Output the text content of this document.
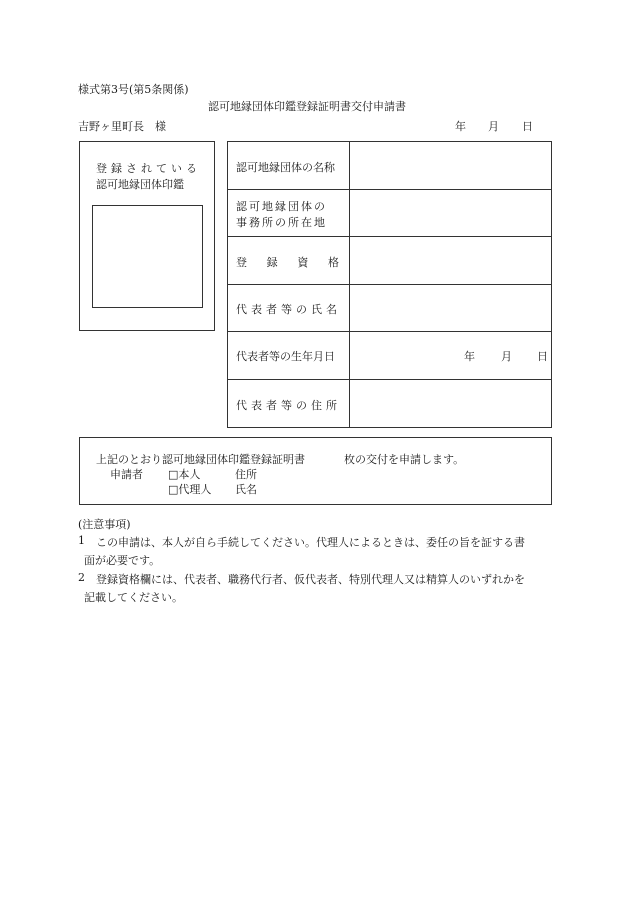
様式第3号(第5条関係)
認可地縁団体印鑑登録証明書交付申請書
吉野ヶ里町長　様	年 月 日
登録されている
認可地縁団体印鑑
認可地縁団体の名称
認可地縁団体の
事務所の所在地
登 録 資 格
代表者等の氏名
代表者等の生年月日	年 月 日
代表者等の住所
上記のとおり認可地縁団体印鑑登録証明書	枚の交付を申請します。
申請者 □本人	住所
□代理人 氏名
(注意事項)
1 この申請は、本人が自ら手続してください。代理人によるときは、委任の旨を証する書
面が必要です。
2 登録資格欄には、代表者、職務代行者、仮代表者、特別代理人又は精算人のいずれかを
記載してください。
